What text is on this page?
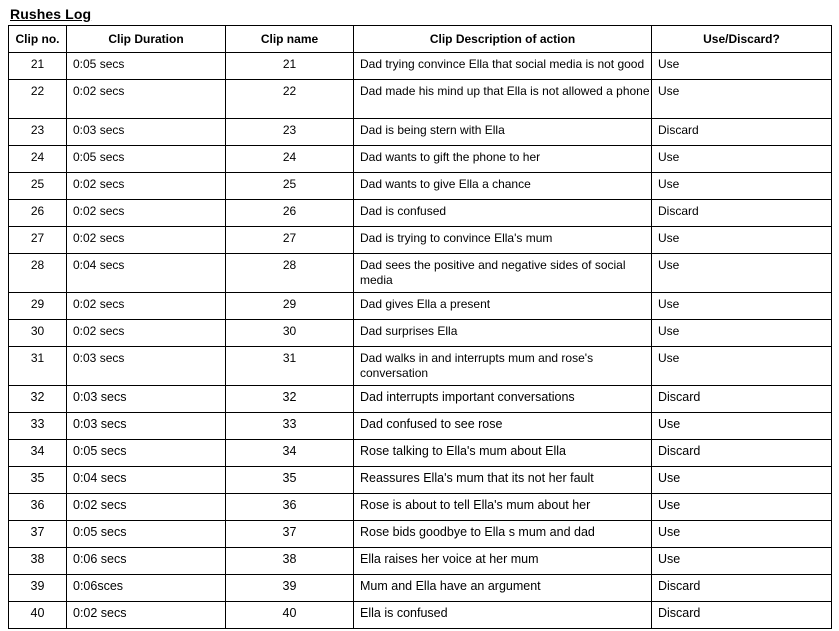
Rushes Log
Clip no.	Clip Duration	Clip name	Clip Description of action	Use/Discard?
21	0:05 secs	21	Dad trying convince Ella that social media is not good	Use
22	0:02 secs	22	Dad made his mind up that Ella is not allowed a phone	Use
23	0:03 secs	23	Dad is being stern with Ella	Discard
24	0:05 secs	24	Dad wants to gift the phone to her	Use
25	0:02 secs	25	Dad wants to give Ella a chance	Use
26	0:02 secs	26	Dad is confused	Discard
27	0:02 secs	27	Dad is trying to convince Ella's mum	Use
28	0:04 secs	28	Dad sees the positive and negative sides of social media	Use
29	0:02 secs	29	Dad gives Ella a present	Use
30	0:02 secs	30	Dad surprises Ella	Use
31	0:03 secs	31	Dad walks in and interrupts mum and rose's conversation	Use
32	0:03 secs	32	Dad interrupts important conversations	Discard
33	0:03 secs	33	Dad confused to see rose	Use
34	0:05 secs	34	Rose talking to Ella's mum about Ella	Discard
35	0:04 secs	35	Reassures Ella's mum that its not her fault	Use
36	0:02 secs	36	Rose is about to tell Ella's mum about her	Use
37	0:05 secs	37	Rose bids goodbye to Ella s mum and dad	Use
38	0:06 secs	38	Ella raises her voice at her mum	Use
39	0:06sces	39	Mum and Ella have an argument	Discard
40	0:02 secs	40	Ella is confused	Discard
